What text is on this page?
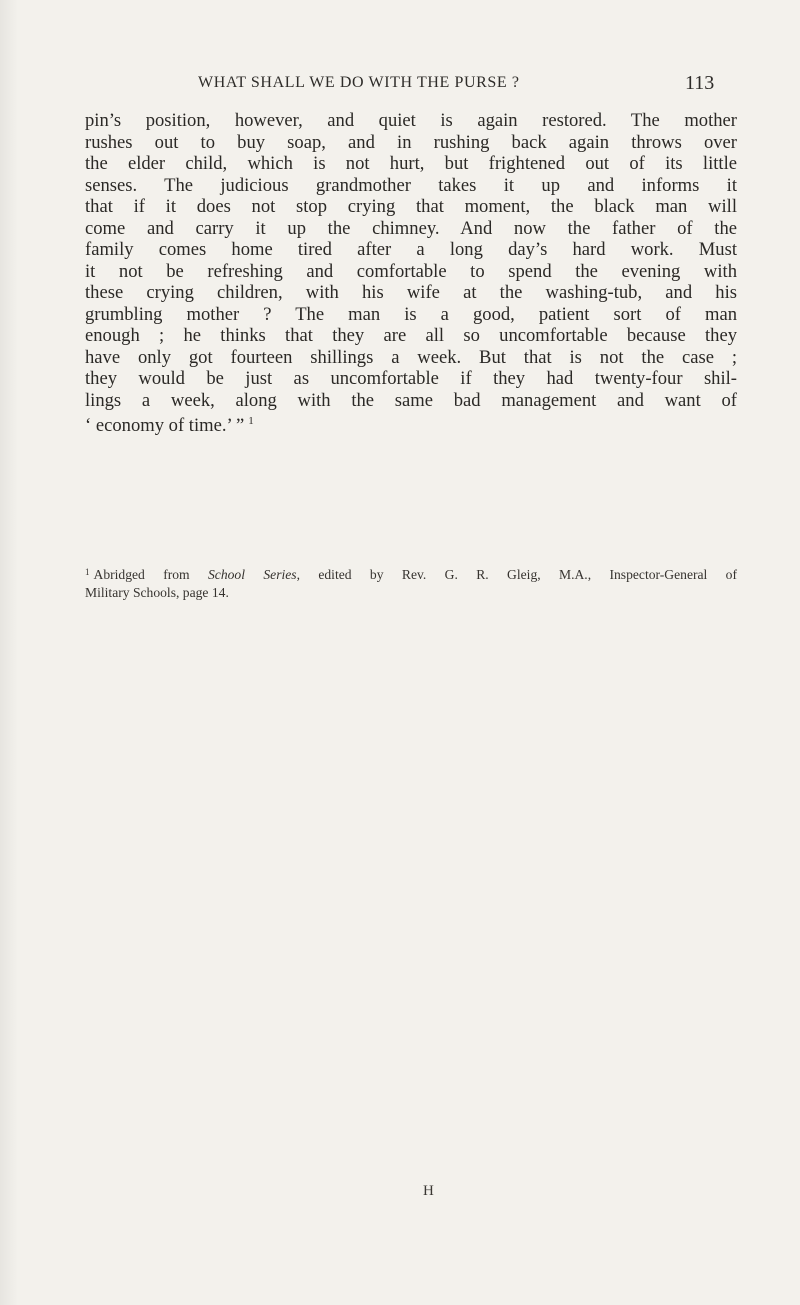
WHAT SHALL WE DO WITH THE PURSE ?	113
pin’s position, however, and quiet is again restored. The mother
rushes out to buy soap, and in rushing back again throws over
the elder child, which is not hurt, but frightened out of its little
senses. The judicious grandmother takes it up and informs it
that if it does not stop crying that moment, the black man will
come and carry it up the chimney. And now the father of the
family comes home tired after a long day’s hard work. Must
it not be refreshing and comfortable to spend the evening with
these crying children, with his wife at the washing-tub, and his
grumbling mother ? The man is a good, patient sort of man
enough ; he thinks that they are all so uncomfortable because they
have only got fourteen shillings a week. But that is not the case ;
they would be just as uncomfortable if they had twenty-four shil-
lings a week, along with the same bad management and want of
‘ economy of time.’ ” $^1$
$^1$ Abridged from School Series, edited by Rev. G. R. Gleig, M.A., Inspector-General of
Military Schools, page 14.
H
